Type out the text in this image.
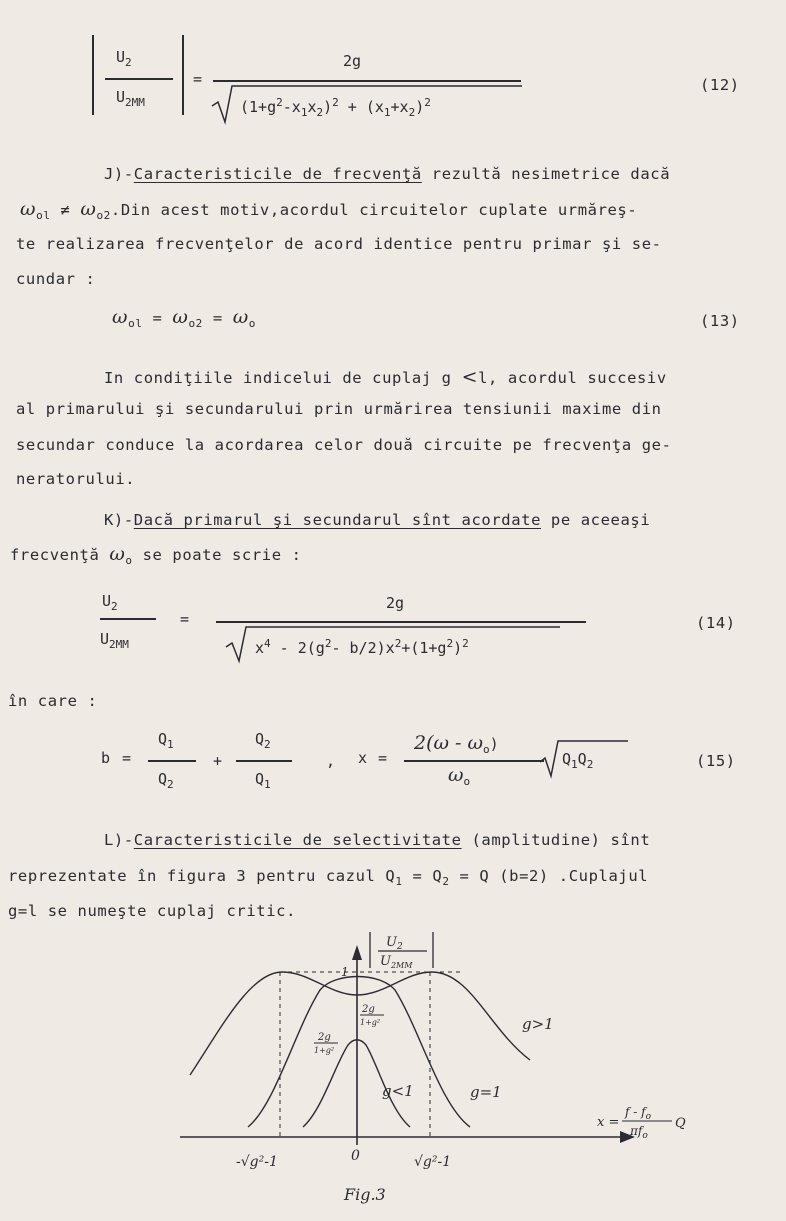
$U_2$
$U_{2MM}$
=
2g
$(1+g^2-x_1x_2)^2 + (x_1+x_2)^2$
(12)
J)-Caracteristicile de frecvenţă rezultă nesimetrice dacă
$\omega_{ol} \ne \omega_{o2}.Din$ acest motiv,acordul circuitelor cuplate urmăreş-
te realizarea frecvenţelor de acord identice pentru primar şi se-
cundar :
$\omega_{ol} = \omega_{o2} = \omega_o$	(13)
In condiţiile indicelui de cuplaj g <l, acordul succesiv
al primarului şi secundarului prin urmărirea tensiunii maxime din
secundar conduce la acordarea celor două circuite pe frecvenţa ge-
neratorului.
K)-Dacă primarul şi secundarul sînt acordate pe aceeaşi
frecvenţă $\omega_o$ se poate scrie :
$U_2$
$U_{2MM}$
=
2g
$x^4 - 2(g^2-$ $b/2)x^2+(1+g^2)^2$
(14)
în care :
b =
$Q_1$
$Q_2$
+
$Q_2$
$Q_1$
, x =
$2(\omega - \omega_o)$
$\omega_o$
$Q_1Q_2$	(15)
L)-Caracteristicile de selectivitate (amplitudine) sînt
reprezentate în figura 3 pentru cazul $Q_1 = Q_2 = Q$ (b=2) .Cuplajul
g=l se numeşte cuplaj critic.
$U_2$
$U_{2MM}$
1
2g
1+g²
2g
1+g²
g>1
g<1	g=1
x =
f - $f_o$
$\pi f_o$
Q
-√g²-1	0	√g²-1
Fig.3
